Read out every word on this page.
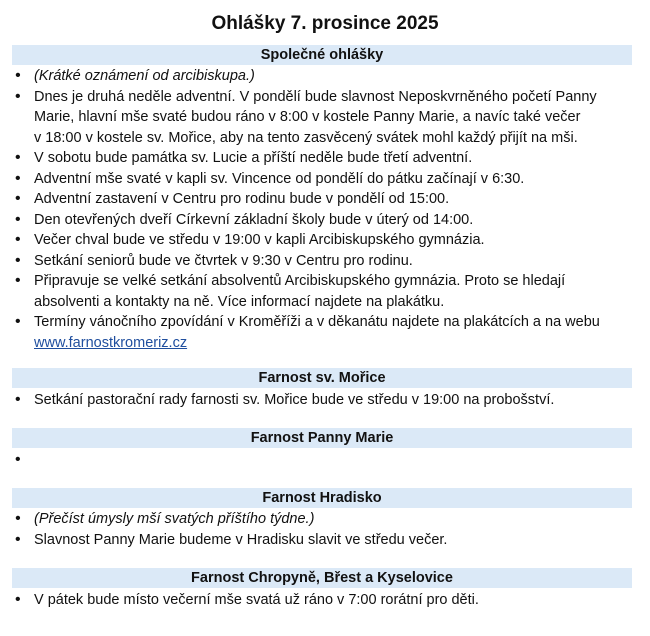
Ohlášky 7. prosince 2025
Společné ohlášky
• (Krátké oznámení od arcibiskupa.)
• Dnes je druhá neděle adventní. V pondělí bude slavnost Neposkvrněného početí Panny
Marie, hlavní mše svaté budou ráno v 8:00 v kostele Panny Marie, a navíc také večer
v 18:00 v kostele sv. Mořice, aby na tento zasvěcený svátek mohl každý přijít na mši.
• V sobotu bude památka sv. Lucie a příští neděle bude třetí adventní.
• Adventní mše svaté v kapli sv. Vincence od pondělí do pátku začínají v 6:30.
• Adventní zastavení v Centru pro rodinu bude v pondělí od 15:00.
• Den otevřených dveří Církevní základní školy bude v úterý od 14:00.
• Večer chval bude ve středu v 19:00 v kapli Arcibiskupského gymnázia.
• Setkání seniorů bude ve čtvrtek v 9:30 v Centru pro rodinu.
• Připravuje se velké setkání absolventů Arcibiskupského gymnázia. Proto se hledají
absolventi a kontakty na ně. Více informací najdete na plakátku.
• Termíny vánočního zpovídání v Kroměříži a v děkanátu najdete na plakátcích a na webu
www.farnostkromeriz.cz
Farnost sv. Mořice
• Setkání pastorační rady farnosti sv. Mořice bude ve středu v 19:00 na probošství.
Farnost Panny Marie
•
Farnost Hradisko
• (Přečíst úmysly mší svatých příštího týdne.)
• Slavnost Panny Marie budeme v Hradisku slavit ve středu večer.
Farnost Chropyně, Břest a Kyselovice
• V pátek bude místo večerní mše svatá už ráno v 7:00 rorátní pro děti.
